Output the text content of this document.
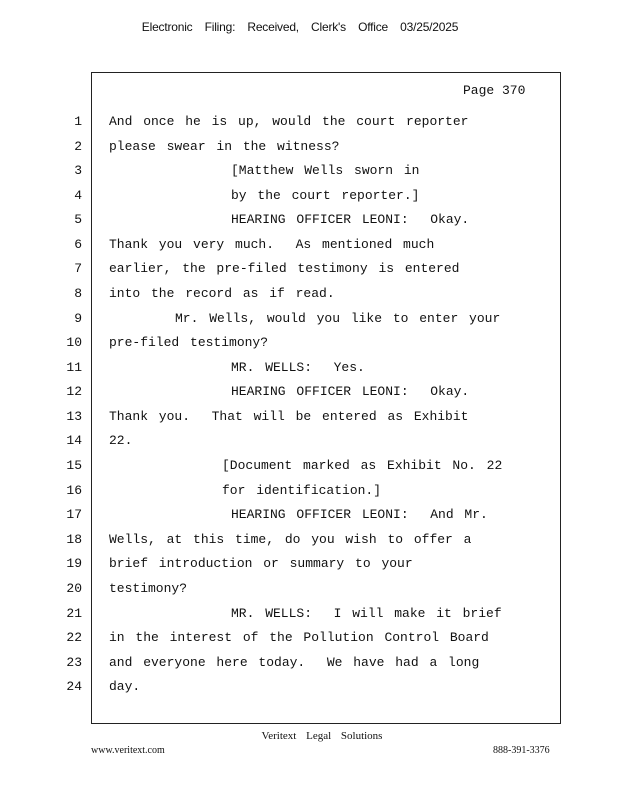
Electronic Filing: Received, Clerk's Office 03/25/2025
Page 370
1 And once he is up, would the court reporter
2 please swear in the witness?
3	[Matthew Wells sworn in
4	by the court reporter.]
5	HEARING OFFICER LEONI:  Okay.
6 Thank you very much.  As mentioned much
7 earlier, the pre-filed testimony is entered
8 into the record as if read.
9	Mr. Wells, would you like to enter your
10 pre-filed testimony?
11	MR. WELLS:  Yes.
12	HEARING OFFICER LEONI:  Okay.
13 Thank you.  That will be entered as Exhibit
14 22.
15	[Document marked as Exhibit No. 22
16	for identification.]
17	HEARING OFFICER LEONI:  And Mr.
18 Wells, at this time, do you wish to offer a
19 brief introduction or summary to your
20 testimony?
21	MR. WELLS:  I will make it brief
22 in the interest of the Pollution Control Board
23 and everyone here today.  We have had a long
24 day.
Veritext Legal Solutions
www.veritext.com	888-391-3376
